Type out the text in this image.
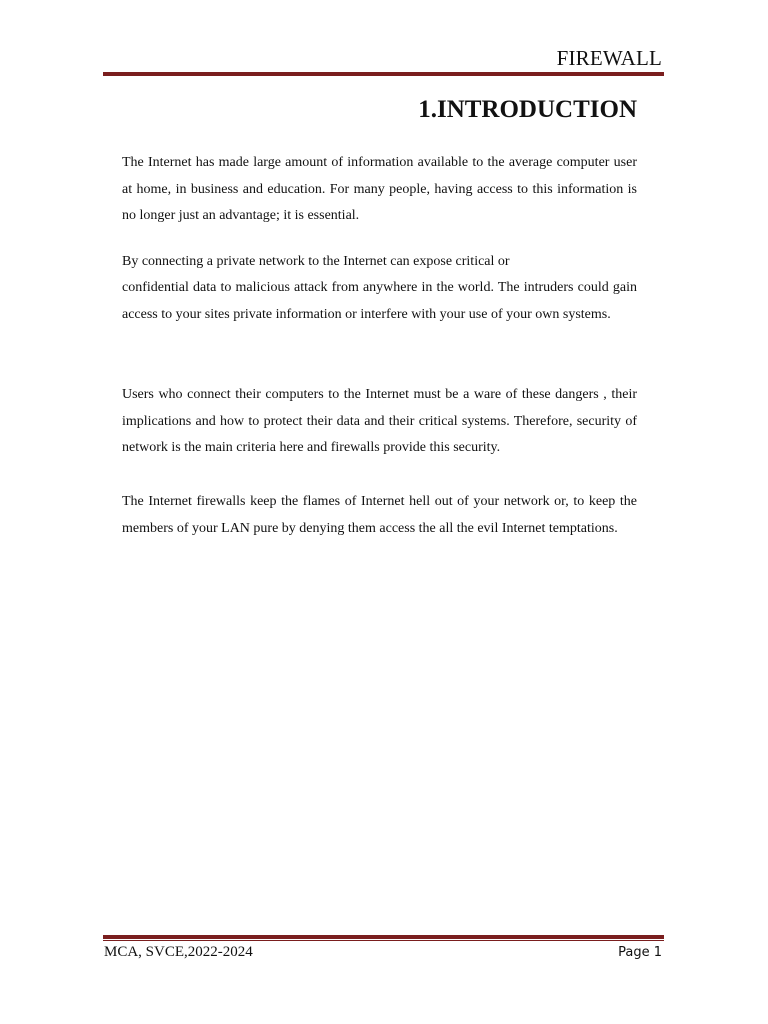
FIREWALL
1.INTRODUCTION

The Internet has made large amount of information available to the average computer user at home, in business and education. For many people, having access to this information is no longer just an advantage; it is essential.

By connecting a private network to the Internet can expose critical or

confidential data to malicious attack from anywhere in the world. The intruders could gain access to your sites private information or interfere with your use of your own systems.

Users who connect their computers to the Internet must be a ware of these dangers , their implications and how to protect their data and their critical systems. Therefore, security of network is the main criteria here and firewalls provide this security.

The Internet firewalls keep the flames of Internet hell out of your network or, to keep the members of your LAN pure by denying them access the all the evil Internet temptations.

MCA, SVCE,2022-2024	Page 1
